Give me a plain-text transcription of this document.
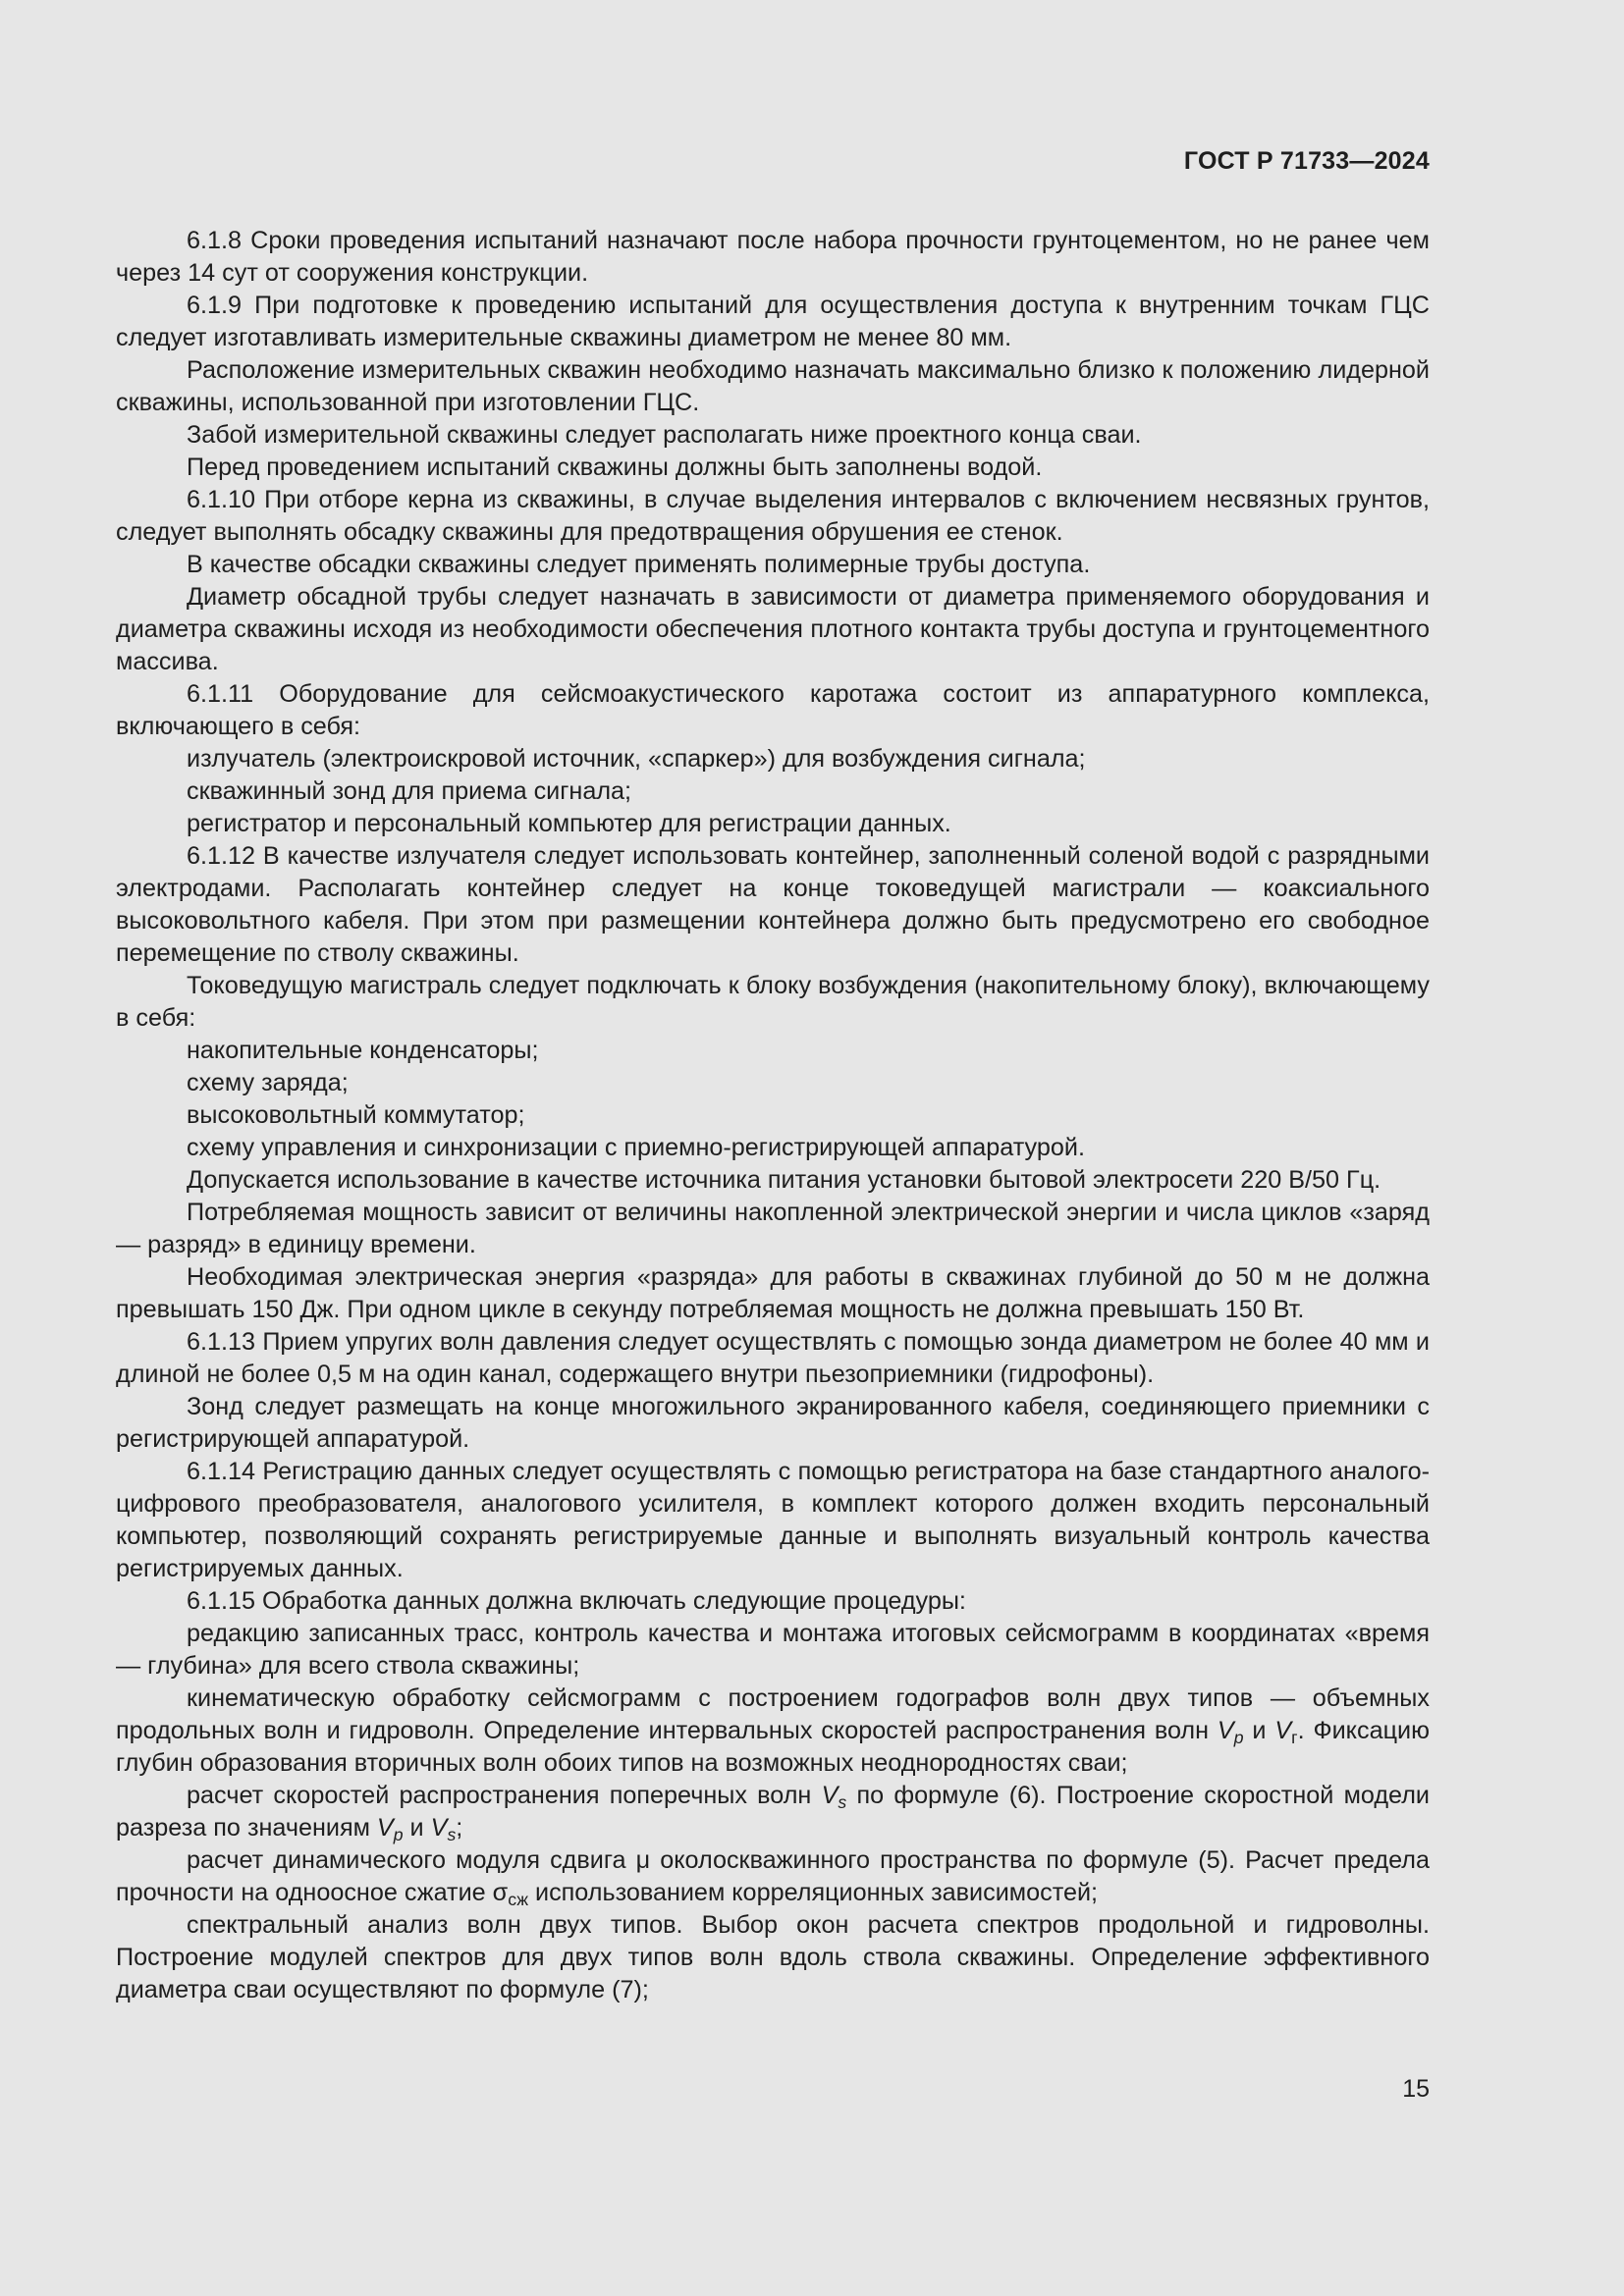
ГОСТ Р 71733—2024

6.1.8 Сроки проведения испытаний назначают после набора прочности грунтоцементом, но не ранее чем через 14 сут от сооружения конструкции.

6.1.9 При подготовке к проведению испытаний для осуществления доступа к внутренним точкам ГЦС следует изготавливать измерительные скважины диаметром не менее 80 мм.

Расположение измерительных скважин необходимо назначать максимально близко к положению лидерной скважины, использованной при изготовлении ГЦС.

Забой измерительной скважины следует располагать ниже проектного конца сваи.

Перед проведением испытаний скважины должны быть заполнены водой.

6.1.10 При отборе керна из скважины, в случае выделения интервалов с включением несвязных грунтов, следует выполнять обсадку скважины для предотвращения обрушения ее стенок.

В качестве обсадки скважины следует применять полимерные трубы доступа.

Диаметр обсадной трубы следует назначать в зависимости от диаметра применяемого оборудования и диаметра скважины исходя из необходимости обеспечения плотного контакта трубы доступа и грунтоцементного массива.

6.1.11 Оборудование для сейсмоакустического каротажа состоит из аппаратурного комплекса, включающего в себя:

излучатель (электроискровой источник, «спаркер») для возбуждения сигнала;

скважинный зонд для приема сигнала;

регистратор и персональный компьютер для регистрации данных.

6.1.12 В качестве излучателя следует использовать контейнер, заполненный соленой водой с разрядными электродами. Располагать контейнер следует на конце токоведущей магистрали — коаксиального высоковольтного кабеля. При этом при размещении контейнера должно быть предусмотрено его свободное перемещение по стволу скважины.

Токоведущую магистраль следует подключать к блоку возбуждения (накопительному блоку), включающему в себя:

накопительные конденсаторы;

схему заряда;

высоковольтный коммутатор;

схему управления и синхронизации с приемно-регистрирующей аппаратурой.

Допускается использование в качестве источника питания установки бытовой электросети 220 В/50 Гц.

Потребляемая мощность зависит от величины накопленной электрической энергии и числа циклов «заряд — разряд» в единицу времени.

Необходимая электрическая энергия «разряда» для работы в скважинах глубиной до 50 м не должна превышать 150 Дж. При одном цикле в секунду потребляемая мощность не должна превышать 150 Вт.

6.1.13 Прием упругих волн давления следует осуществлять с помощью зонда диаметром не более 40 мм и длиной не более 0,5 м на один канал, содержащего внутри пьезоприемники (гидрофоны).

Зонд следует размещать на конце многожильного экранированного кабеля, соединяющего приемники с регистрирующей аппаратурой.

6.1.14 Регистрацию данных следует осуществлять с помощью регистратора на базе стандартного аналого-цифрового преобразователя, аналогового усилителя, в комплект которого должен входить персональный компьютер, позволяющий сохранять регистрируемые данные и выполнять визуальный контроль качества регистрируемых данных.

6.1.15 Обработка данных должна включать следующие процедуры:

редакцию записанных трасс, контроль качества и монтажа итоговых сейсмограмм в координатах «время — глубина» для всего ствола скважины;

кинематическую обработку сейсмограмм с построением годографов волн двух типов — объемных продольных волн и гидроволн. Определение интервальных скоростей распространения волн $V_p$ и $V_г$. Фиксацию глубин образования вторичных волн обоих типов на возможных неоднородностях сваи;

расчет скоростей распространения поперечных волн $V_s$ по формуле (6). Построение скоростной модели разреза по значениям $V_p$ и $V_s$;

расчет динамического модуля сдвига μ околоскважинного пространства по формуле (5). Расчет предела прочности на одноосное сжатие $\sigma_{сж}$ использованием корреляционных зависимостей;

спектральный анализ волн двух типов. Выбор окон расчета спектров продольной и гидроволны. Построение модулей спектров для двух типов волн вдоль ствола скважины. Определение эффективного диаметра сваи осуществляют по формуле (7);

15
